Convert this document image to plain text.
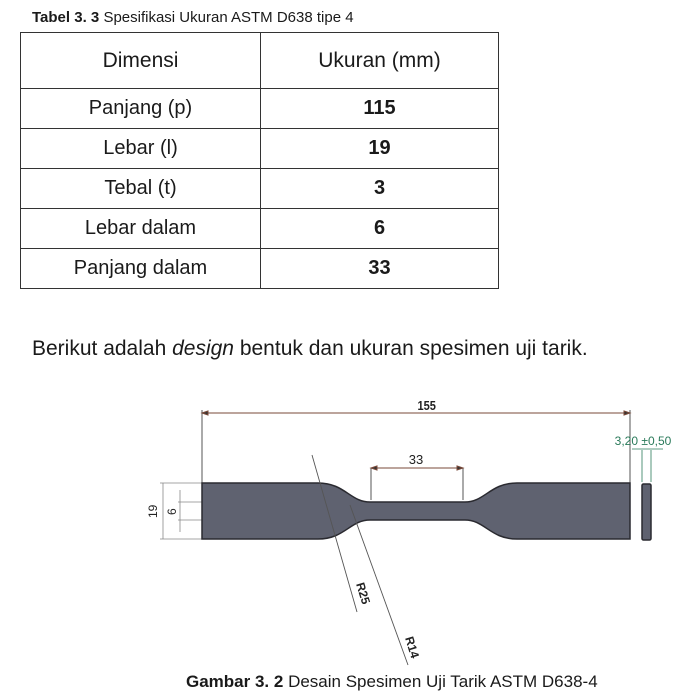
Tabel 3. 3 Spesifikasi Ukuran ASTM D638 tipe 4
Dimensi	Ukuran (mm)
Panjang (p)	115
Lebar (l)	19
Tebal (t)	3
Lebar dalam	6
Panjang dalam	33
Berikut adalah design bentuk dan ukuran spesimen uji tarik.
155
33
19 6
3,20 ±0,50
R25
R14
Gambar 3. 2 Desain Spesimen Uji Tarik ASTM D638-4
